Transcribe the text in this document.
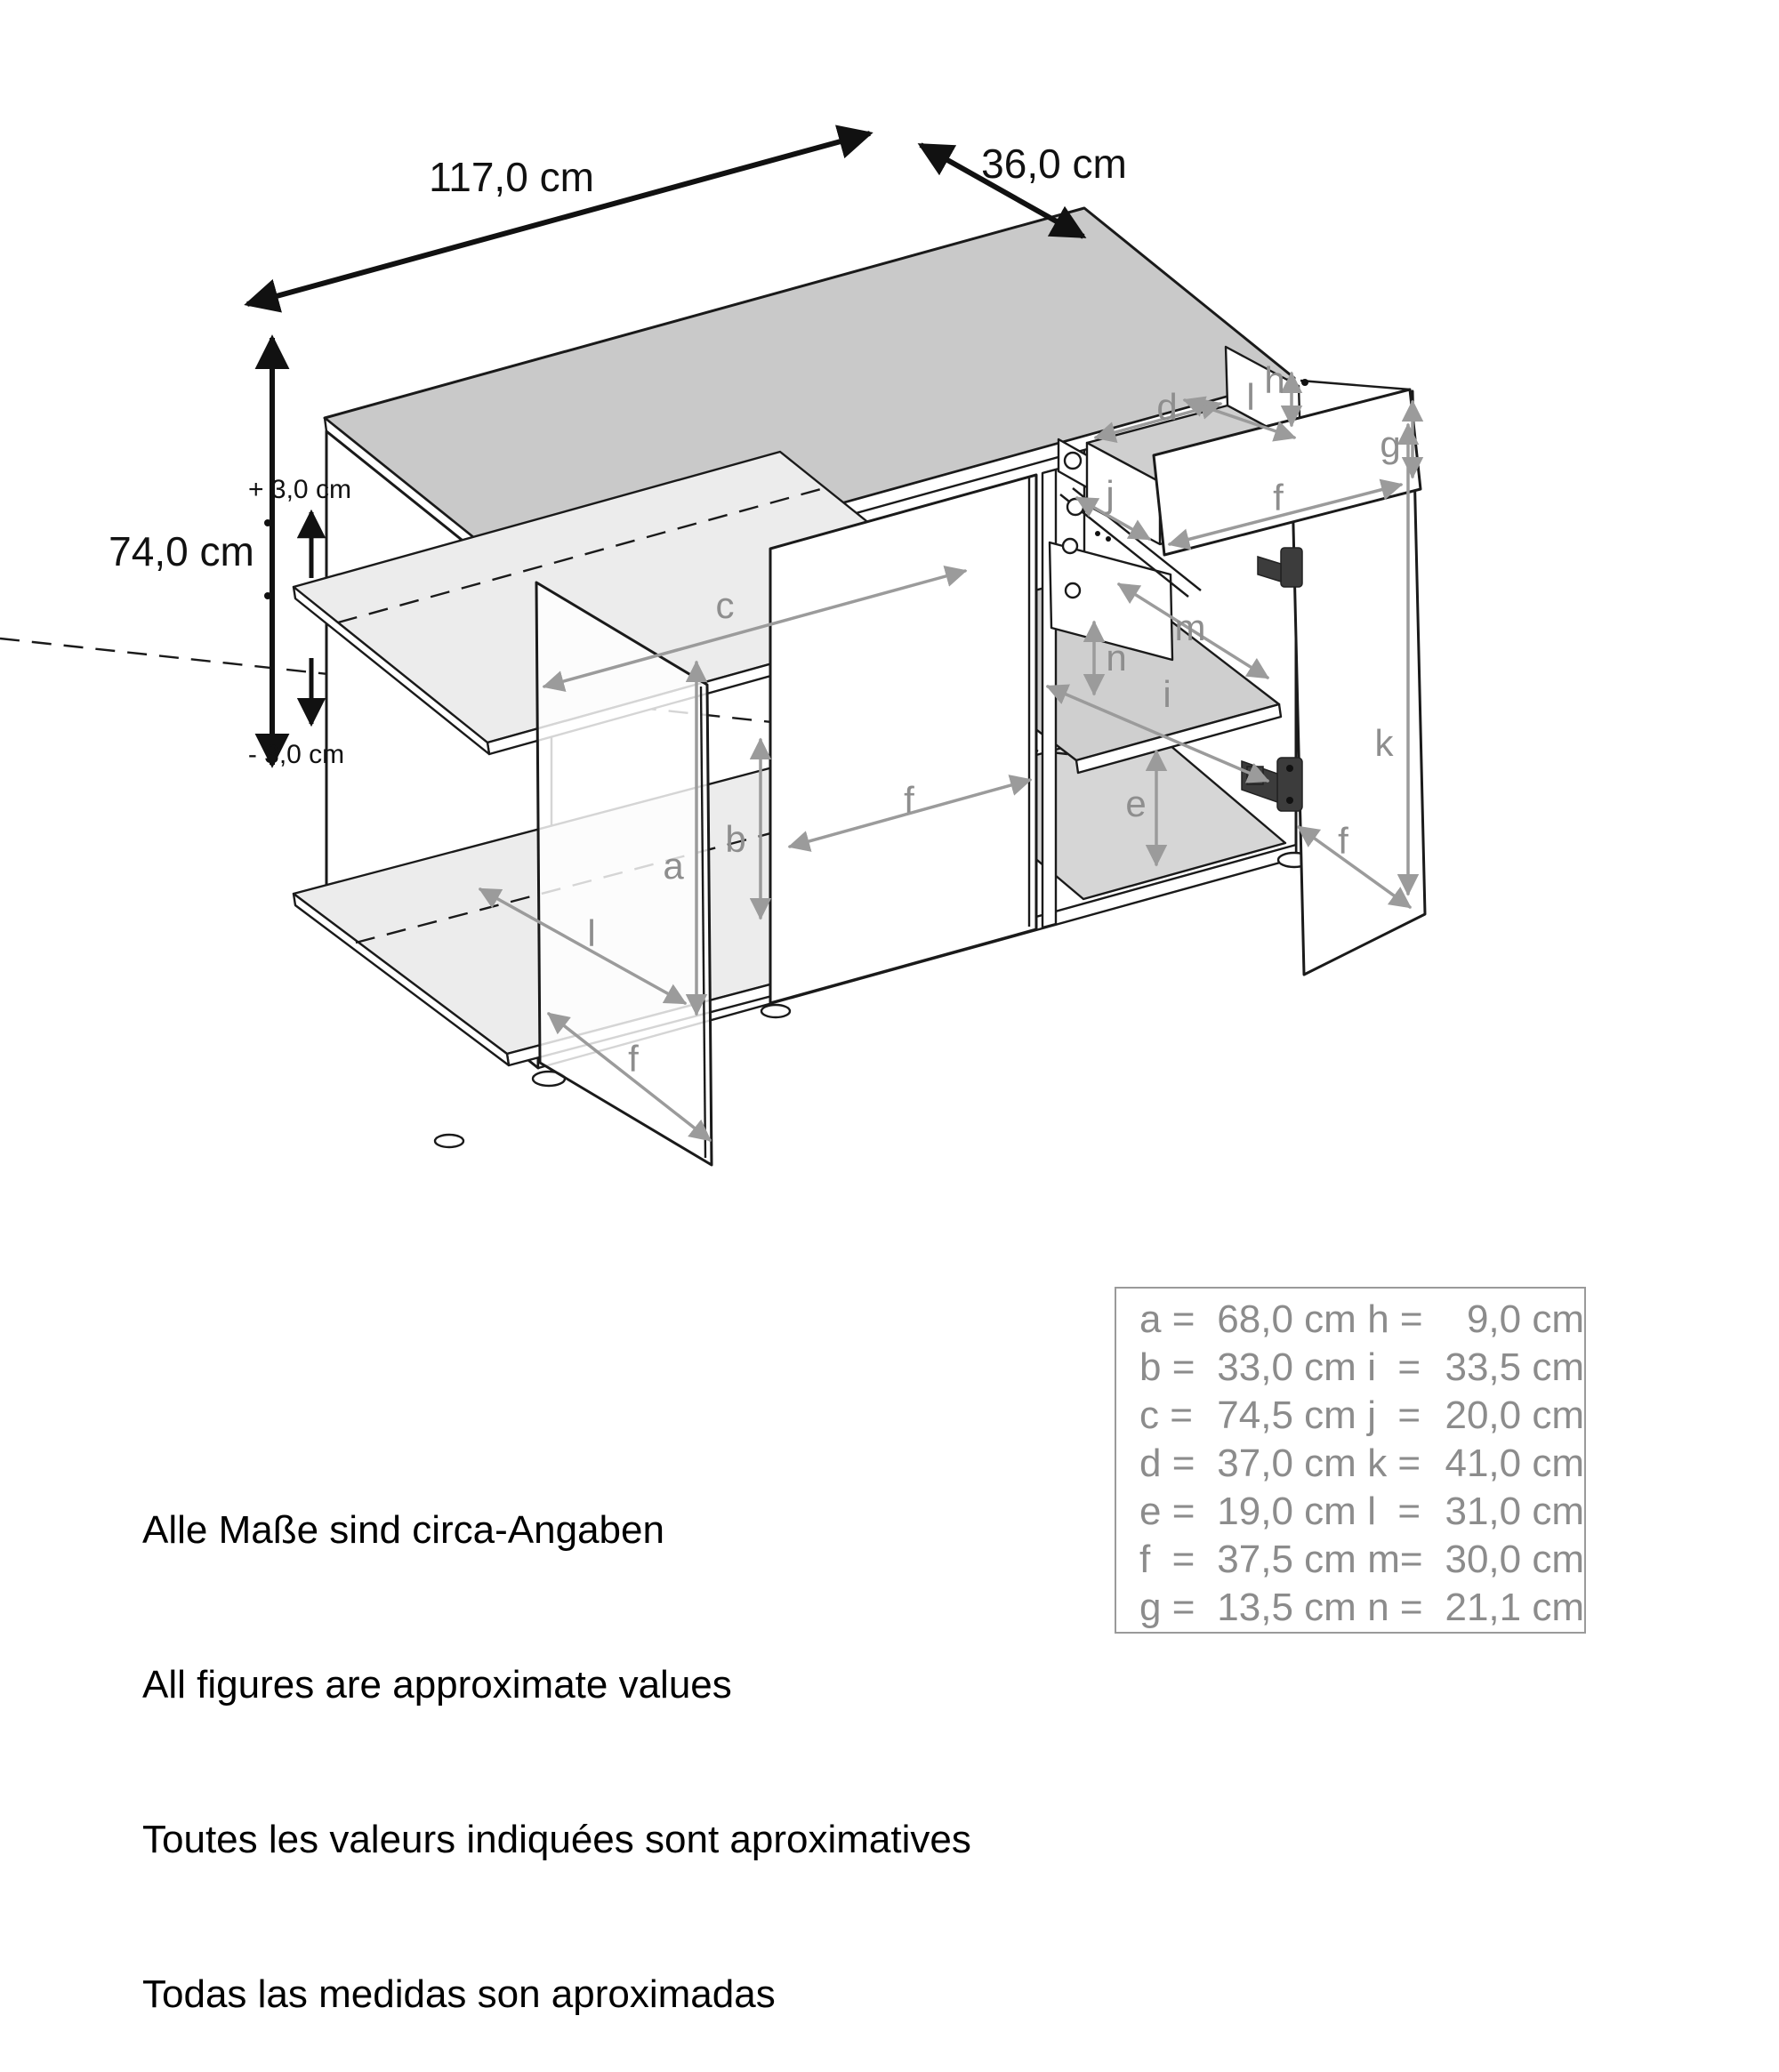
117,0 cm	36,0 cm
74,0 cm
+ 3,0 cm
- 3,0 cm
c
a
b
l
f
f
d l h
g
f
j
m
n
i
e
k
f

Alle Maße sind circa-Angaben

All figures are approximate values

Toutes les valeurs indiquées sont aproximatives

Todas las medidas son aproximadas

a = 68,0 cm h = 9,0 cm
b = 33,0 cm i  = 33,5 cm
c = 74,5 cm j  = 20,0 cm
d = 37,0 cm k = 41,0 cm
e = 19,0 cm l  = 31,0 cm
f  = 37,5 cm m= 30,0 cm
g = 13,5 cm n = 21,1 cm
